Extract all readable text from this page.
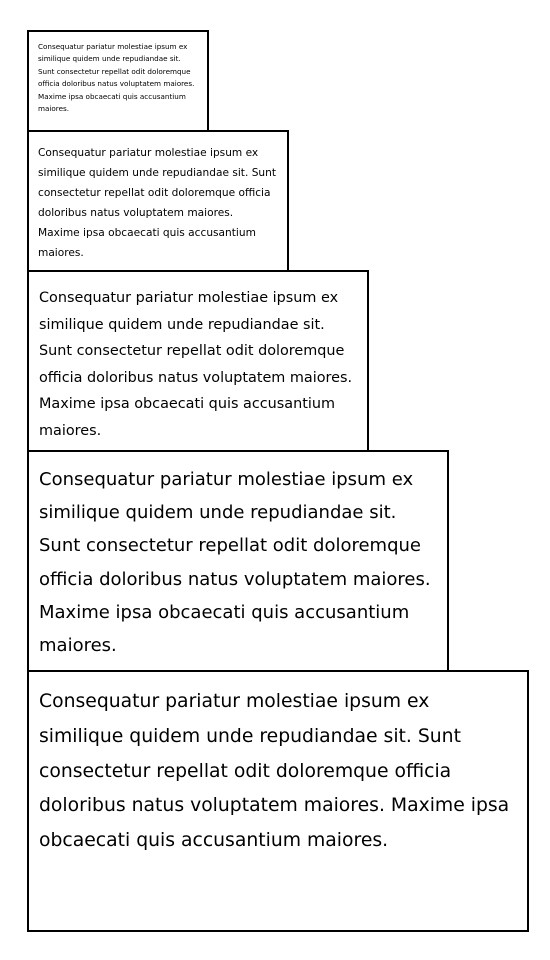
Consequatur pariatur molestiae ipsum ex similique quidem unde repudiandae sit. Sunt consectetur repellat odit doloremque officia doloribus natus voluptatem maiores. Maxime ipsa obcaecati quis accusantium maiores.

Consequatur pariatur molestiae ipsum ex similique quidem unde repudiandae sit. Sunt consectetur repellat odit doloremque officia doloribus natus voluptatem maiores. Maxime ipsa obcaecati quis accusantium maiores.

Consequatur pariatur molestiae ipsum ex similique quidem unde repudiandae sit. Sunt consectetur repellat odit doloremque officia doloribus natus voluptatem maiores. Maxime ipsa obcaecati quis accusantium maiores.

Consequatur pariatur molestiae ipsum ex similique quidem unde repudiandae sit. Sunt consectetur repellat odit doloremque officia doloribus natus voluptatem maiores. Maxime ipsa obcaecati quis accusantium maiores.

Consequatur pariatur molestiae ipsum ex similique quidem unde repudiandae sit. Sunt consectetur repellat odit doloremque officia doloribus natus voluptatem maiores. Maxime ipsa obcaecati quis accusantium maiores.
